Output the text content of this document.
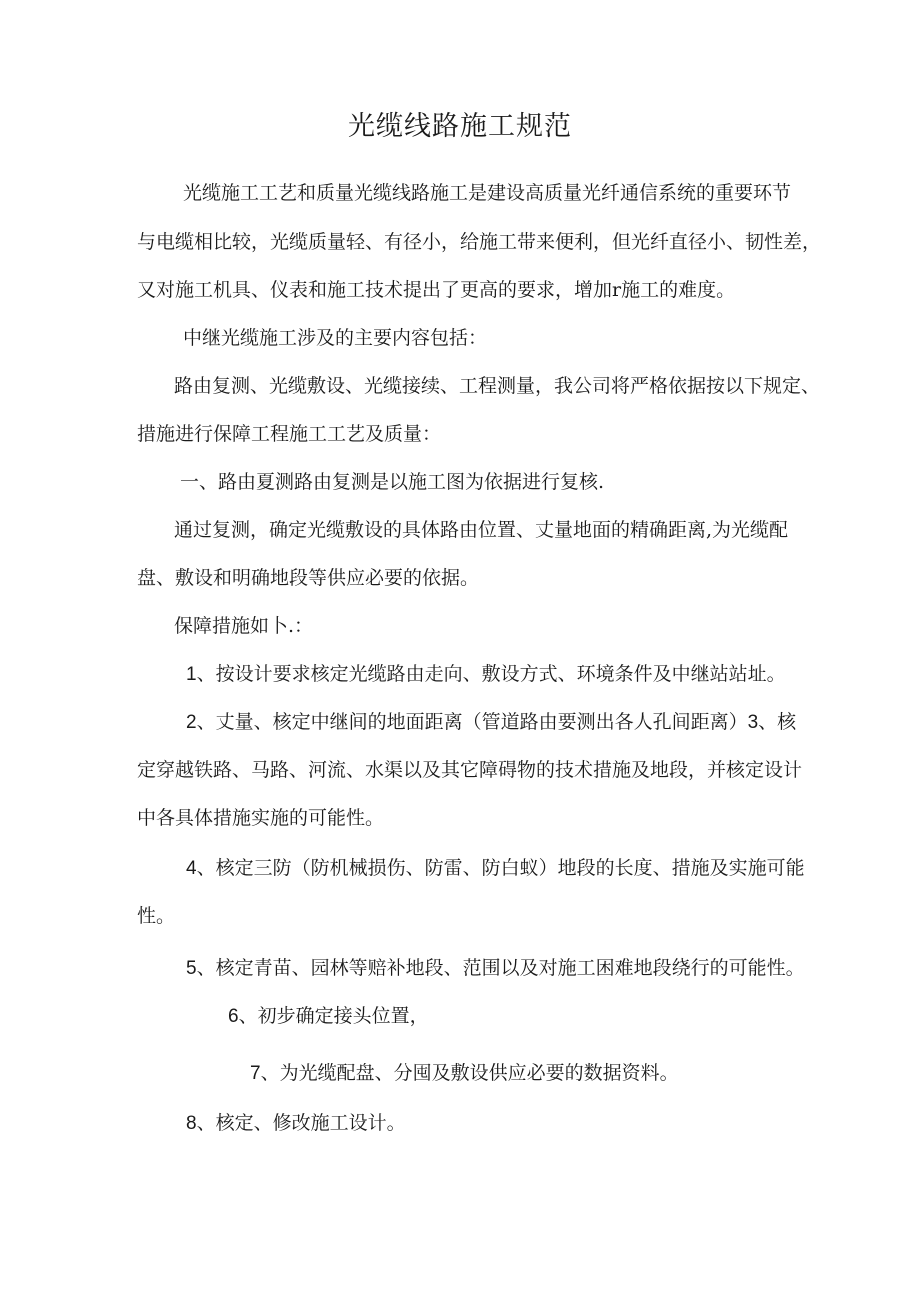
光缆线路施工规范

光缆施工工艺和质量光缆线路施工是建设高质量光纤通信系统的重要环节

与电缆相比较，光缆质量轻、有径小，给施工带来便利，但光纤直径小、韧性差，

又对施工机具、仪表和施工技术提出了更高的要求，增加r施工的难度。

中继光缆施工涉及的主要内容包括：

路由复测、光缆敷设、光缆接续、工程测量，我公司将严格依据按以下规定、

措施进行保障工程施工工艺及质量：

一、路由夏测路由复测是以施工图为依据进行复核.

通过复测，确定光缆敷设的具体路由位置、丈量地面的精确距离,为光缆配

盘、敷设和明确地段等供应必要的依据。

保障措施如卜.：

1、按设计要求核定光缆路由走向、敷设方式、环境条件及中继站站址。

2、丈量、核定中继间的地面距离（管道路由要测出各人孔间距离）3、核

定穿越铁路、马路、河流、水渠以及其它障碍物的技术措施及地段，并核定设计

中各具体措施实施的可能性。

4、核定三防（防机械损伤、防雷、防白蚁）地段的长度、措施及实施可能

性。

5、核定青苗、园林等赔补地段、范围以及对施工困难地段绕行的可能性。

6、初步确定接头位置，

7、为光缆配盘、分囤及敷设供应必要的数据资料。

8、核定、修改施工设计。
